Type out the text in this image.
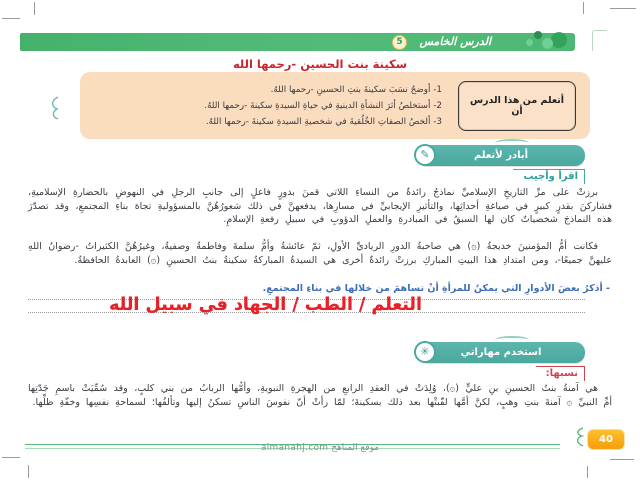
الدرس الخامس
5
سكينة بنت الحسين -رحمها الله
أتعلم من هذا الدرس أن
1- أوضحُ نسَبَ سكينةَ بنتِ الحسينِ -رحمها اللهُ.
2- أستخلصُ أثرَ النشأةِ الدينيةِ في حياةِ السيدةِ سكينةَ -رحمها اللهُ.
3- ألخصُ الصفاتِ الخُلُقيةَ في شخصيةِ السيدةِ سكينةَ -رحمها اللهُ.
أبادر لأتعلم
✎
اقرأ وأجيب
برزتْ على مرِّ التاريخِ الإسلاميِّ نماذجُ رائدةٌ من النساءِ اللاتي قمنَ بدورٍ فاعلٍ إلى جانبِ الرجلِ في النهوضِ بالحضارةِ الإسلاميةِ، فشاركنَ بقدرٍ كبيرٍ في صياغةِ أحداثِها، والتأثيرِ الإيجابيِّ في مسارِها، يدفعهنَّ في ذلك شعورُهُنَّ بالمسؤوليةِ تجاهَ بناءِ المجتمعِ، وقد تصدّرَ هذه النماذجَ شخصياتٌ كان لها السبقُ في المبادرةِ والعملِ الدؤوبِ في سبيلِ رفعةِ الإسلامِ.
فكانت أمُّ المؤمنينَ خديجةُ (۞) هي صاحبةُ الدورِ الرياديِّ الأولِ، ثمّ عائشةُ وأمُّ سلمةَ وفاطمةُ وصفيةُ، وغيرُهُنَّ الكثيراتُ -رضوانُ اللهِ عليهنَّ جميعًا-، ومن امتدادِ هذا البيتِ المباركِ برزتْ رائدةٌ أخرى هي السيدةُ المباركةُ سكينةُ بنتُ الحسينِ (۞) العابدةُ الحافظةُ.
- أذكرُ بعضَ الأدوارِ التي يمكنُ للمرأةِ أنْ تساهمَ من خلالها في بناءِ المجتمعِ.
التعلم / الطب / الجهاد في سبيل الله
استخدم مهاراتي
✳
نسبها:
هي آمنةُ بنتُ الحسينِ بنِ عليٍّ (۞)، وُلِدَتْ في العقدِ الرابعِ من الهجرةِ النبويةِ، وأمُّها الربابُ من بني كلبٍ، وقد سُمِّيَتْ باسمِ جَدّتِها أمِّ النبيِّ ۞ آمنةَ بنتِ وهبٍ، لكنَّ أمَّها لقّبتْها بعد ذلك بسكينةَ؛ لمّا رأتْ أنّ نفوسَ الناسِ تسكنُ إليها وتألفُها؛ لسماحةِ نفسِها وخفّةِ ظلِّها.
40
موقع المناهج almanahj.com
